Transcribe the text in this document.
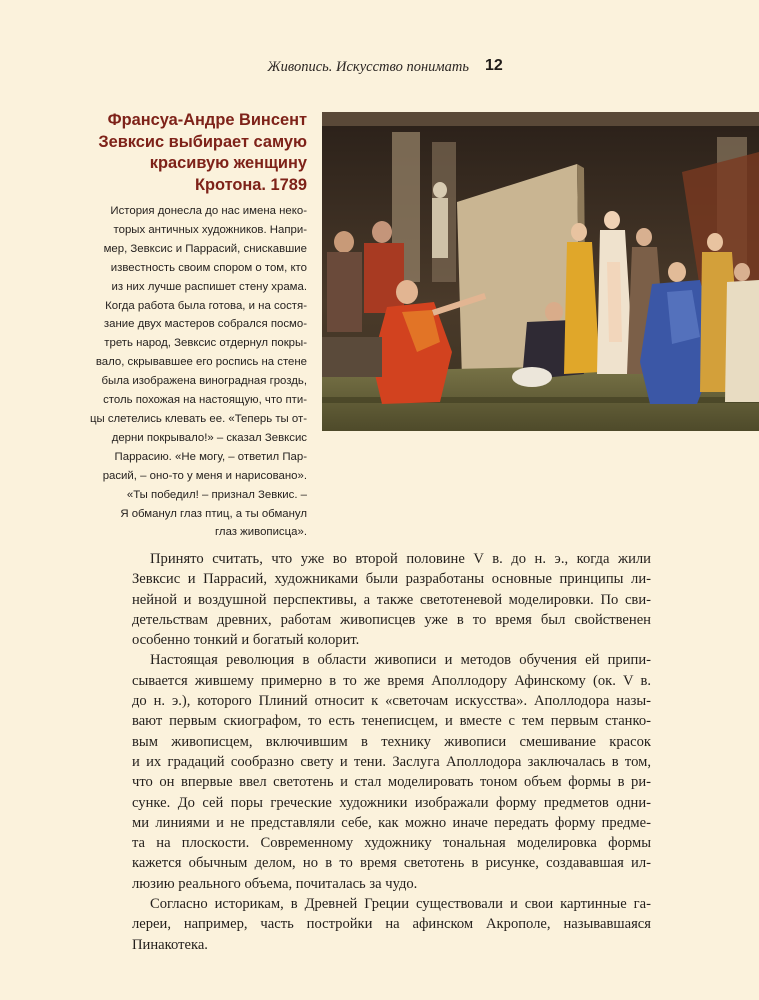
Живопись. Искусство понимать 12
Франсуа-Андре Винсент
Зевксис выбирает самую
красивую женщину
Кротона. 1789
История донесла до нас имена неко-
торых античных художников. Напри-
мер, Зевксис и Паррасий, снискавшие
известность своим спором о том, кто
из них лучше распишет стену храма.
Когда работа была готова, и на состя-
зание двух мастеров собрался посмо-
треть народ, Зевксис отдернул покры-
вало, скрывавшее его роспись на стене
была изображена виноградная гроздь,
столь похожая на настоящую, что пти-
цы слетелись клевать ее. «Теперь ты от-
дерни покрывало!» – сказал Зевксис
Паррасию. «Не могу, – ответил Пар-
расий, – оно-то у меня и нарисовано».
«Ты победил! – признал Зевкис. –
Я обманул глаз птиц, а ты обманул
глаз живописца».
Принято считать, что уже во второй половине V в. до н. э., когда жили
Зевксис и Паррасий, художниками были разработаны основные принципы ли-
нейной и воздушной перспективы, а также светотеневой моделировки. По сви-
детельствам древних, работам живописцев уже в то время был свойственен
особенно тонкий и богатый колорит.
Настоящая революция в области живописи и методов обучения ей припи-
сывается жившему примерно в то же время Аполлодору Афинскому (ок. V в.
до н. э.), которого Плиний относит к «светочам искусства». Аполлодора назы-
вают первым скиографом, то есть тенеписцем, и вместе с тем первым станко-
вым живописцем, включившим в технику живописи смешивание красок
и их градаций сообразно свету и тени. Заслуга Аполлодора заключалась в том,
что он впервые ввел светотень и стал моделировать тоном объем формы в ри-
сунке. До сей поры греческие художники изображали форму предметов одни-
ми линиями и не представляли себе, как можно иначе передать форму предме-
та на плоскости. Современному художнику тональная моделировка формы
кажется обычным делом, но в то время светотень в рисунке, создававшая ил-
люзию реального объема, почиталась за чудо.
Согласно историкам, в Древней Греции существовали и свои картинные га-
лереи, например, часть постройки на афинском Акрополе, называвшаяся
Пинакотека.
